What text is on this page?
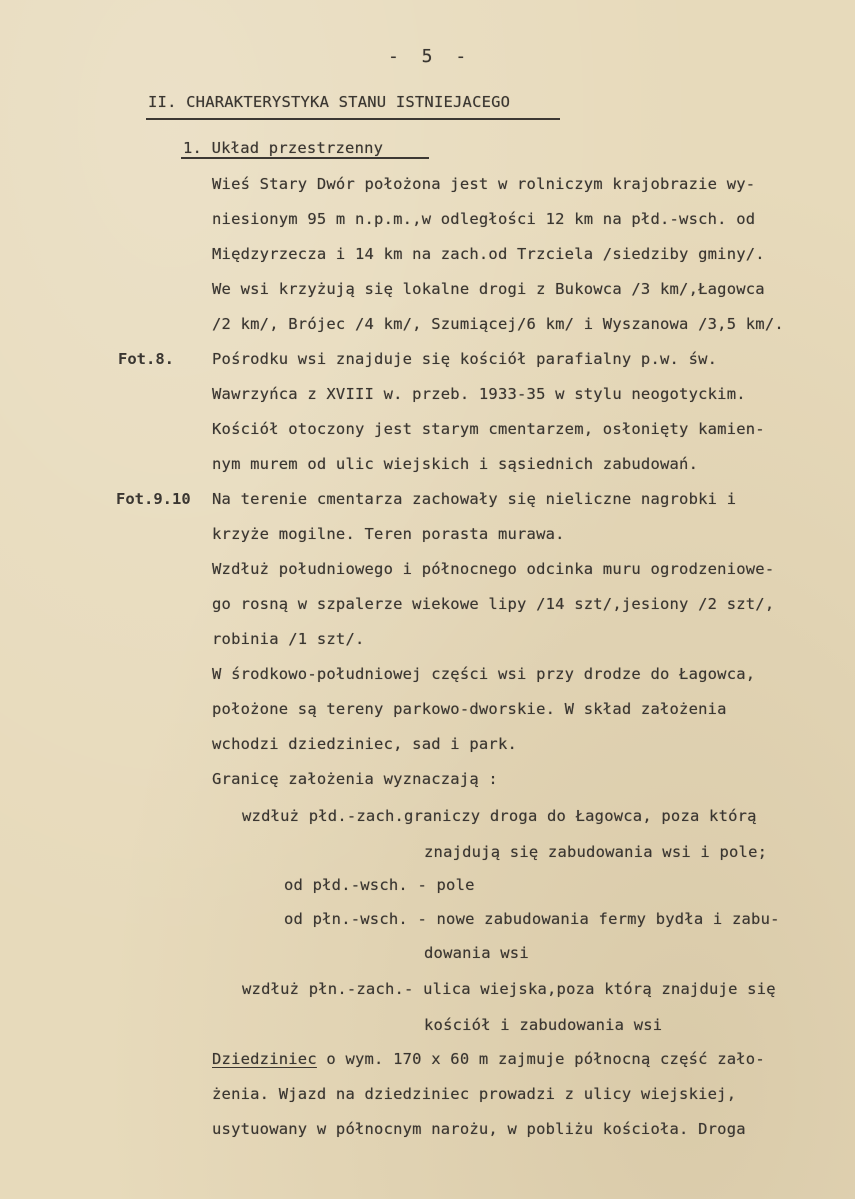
- 5 -
II. CHARAKTERYSTYKA STANU ISTNIEJACEGO
1. Układ przestrzenny
Wieś Stary Dwór położona jest w rolniczym krajobrazie wy-
niesionym 95 m n.p.m.,w odległości 12 km na płd.-wsch. od
Międzyrzecza i 14 km na zach.od Trzciela /siedziby gminy/.
We wsi krzyżują się lokalne drogi z Bukowca /3 km/,Łagowca
/2 km/, Brójec /4 km/, Szumiącej/6 km/ i Wyszanowa /3,5 km/.
Fot.8. Pośrodku wsi znajduje się kościół parafialny p.w. św.
Wawrzyńca z XVIII w. przeb. 1933-35 w stylu neogotyckim.
Kościół otoczony jest starym cmentarzem, osłonięty kamien-
nym murem od ulic wiejskich i sąsiednich zabudowań.
Fot.9.10 Na terenie cmentarza zachowały się nieliczne nagrobki i
krzyże mogilne. Teren porasta murawa.
Wzdłuż południowego i północnego odcinka muru ogrodzeniowe-
go rosną w szpalerze wiekowe lipy /14 szt/,jesiony /2 szt/,
robinia /1 szt/.
W środkowo-południowej części wsi przy drodze do Łagowca,
położone są tereny parkowo-dworskie. W skład założenia
wchodzi dziedziniec, sad i park.
Granicę założenia wyznaczają :
wzdłuż płd.-zach.graniczy droga do Łagowca, poza którą
znajdują się zabudowania wsi i pole;
od płd.-wsch. - pole
od płn.-wsch. - nowe zabudowania fermy bydła i zabu-
dowania wsi
wzdłuż płn.-zach.- ulica wiejska,poza którą znajduje się
kościół i zabudowania wsi
Dziedziniec o wym. 170 x 60 m zajmuje północną część zało-
żenia. Wjazd na dziedziniec prowadzi z ulicy wiejskiej,
usytuowany w północnym narożu, w pobliżu kościoła. Droga
